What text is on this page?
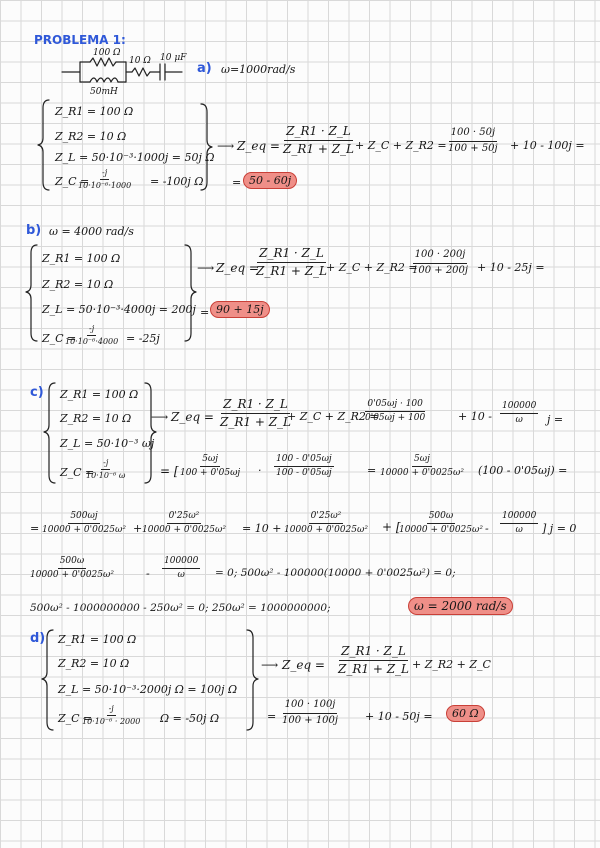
PROBLEMA 1:
100 Ω
50mH
10 Ω 10 μF
a) ω=1000rad/s
Z_R1 = 100 Ω
Z_R2 = 10 Ω
Z_L = 50·10⁻³·1000j = 50j Ω
Z_C =
$\frac{-j}{\text{10·10⁻⁶·1000}} = -100j$ Ω
⟶ Z_eq = $\frac{Z\_R1 \cdot Z\_L}{Z\_R1 + Z\_L}$ + Z_C + Z_R2 = $\frac{100 \cdot 50j}{100 + 50j} + 10 - 100j$ =
= 50 - 60j
b) ω = 4000 rad/s
Z_R1 = 100 Ω
Z_R2 = 10 Ω
Z_L = 50·10⁻³·4000j = 200j
Z_C =
$\frac{-j}{\text{10·10⁻⁶·4000}} = -25j$
⟶ Z_eq =
$\frac{Z\_R1 \cdot Z\_L}{Z\_R1 + Z\_L}$ + Z_C + Z_R2 =
$\frac{100 \cdot 200j}{100 + 200j} + 10 - 25j$ =
= 90 + 15j
c) Z_R1 = 100 Ω
Z_R2 = 10 Ω
Z_L = 50·10⁻³ ωj
Z_C =
$\frac{-j}{\text{10·10⁻⁶ ω}}$
⟶ Z_eq = $\frac{Z\_R1 \cdot Z\_L}{Z\_R1 + Z\_L}$
+ Z_C + Z_R2 =
$\frac{0'05\omega j \cdot 100}{0'05\omega j + 100}$	+ $10 - \frac{100000}{\omega}$ j =
= [ $\frac{5\omega j}{100 + 0'05\omega j} \cdot \frac{100 - 0'05\omega j}{100 - 0'05\omega j}$	= $\frac{5\omega j}{\text{10000 + 0'0025ω²}} (100 - 0'05\omega j)$ =
= $\frac{500\omega j}{\text{10000 + 0'0025ω²}} + \frac{\text{0'25ω²}}{\text{10000 + 0'0025ω²}} = 10 + \frac{\text{0'25ω²}}{\text{10000 + 0'0025ω²}}$ + [
$\frac{500\omega}{\text{10000 + 0'0025ω²}} - \frac{100000}{\omega}$ ] j = 0
$\frac{500\omega}{\text{10000 + 0'0025ω²}}$	- $\frac{100000}{\omega} = 0$; 500ω² - 100000(10000 + 0'0025ω²) = 0;
500ω² - 1000000000 - 250ω² = 0; 250ω² = 1000000000;	ω = 2000 rad/s
d) Z_R1 = 100 Ω
Z_R2 = 10 Ω
Z_L = 50·10⁻³·2000j Ω = 100j Ω
Z_C =
$\frac{-j}{\text{10·10⁻⁶ · 2000}}$ Ω = -50j Ω
⟶ Z_eq = $\frac{Z\_R1 \cdot Z\_L}{Z\_R1 + Z\_L}$ + Z_R2 + Z_C
= $\frac{100 \cdot 100j}{100 + 100j} + 10 - 50j$ =	60 Ω
